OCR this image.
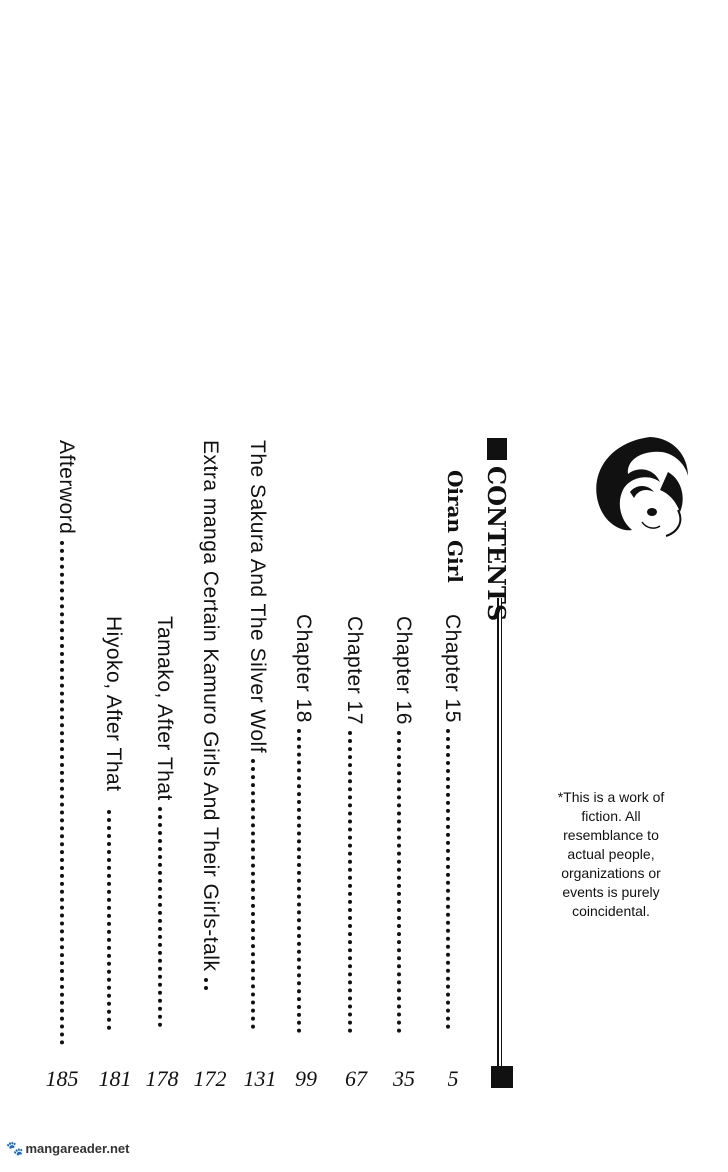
CONTENTS
Oiran Girl
Chapter 15
5
Chapter 16
35
Chapter 17
67
Chapter 18
99
The Sakura And The Silver Wolf
131
Extra manga Certain Kamuro Girls And Their Girls-talk
172
Tamako, After That
178
Hiyoko, After That
181
Afterword
185
*This is a work of fiction. All resemblance to actual people, organizations or events is purely coincidental.
🐾 mangareader.net
